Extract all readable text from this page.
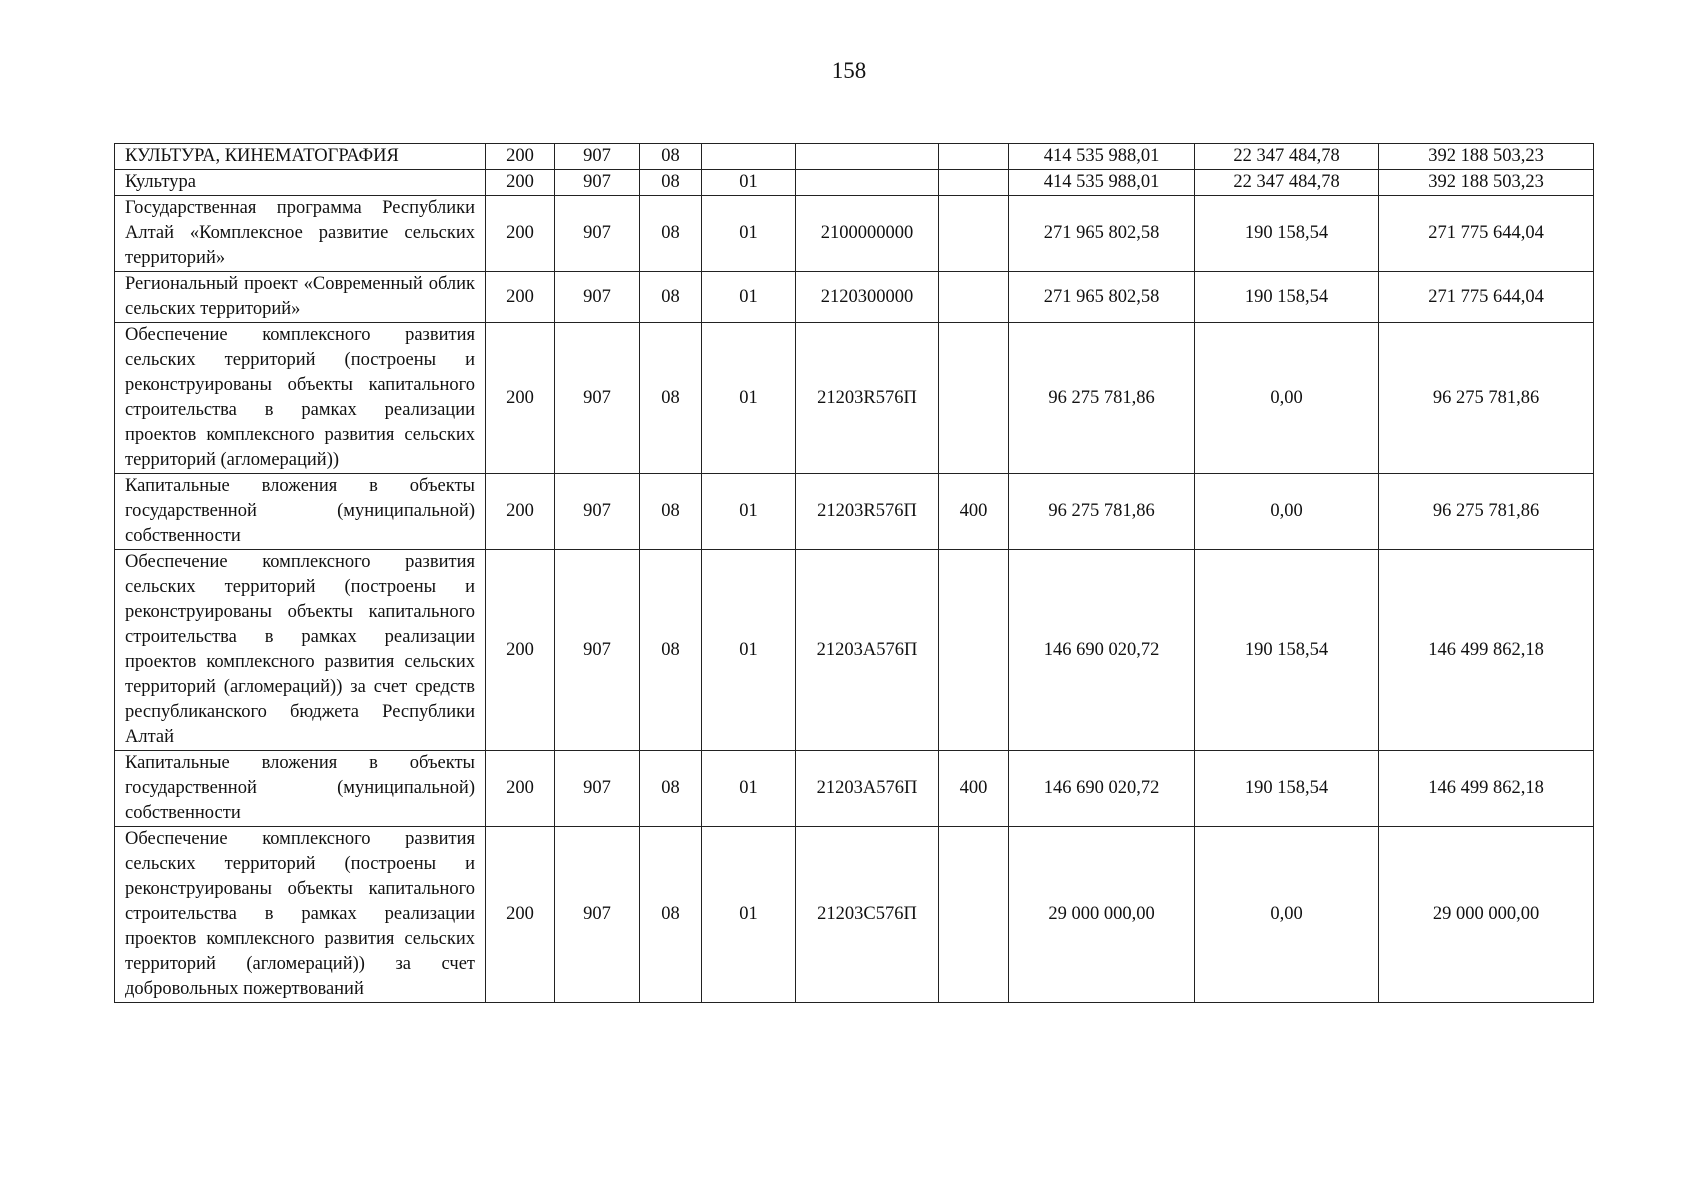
158
КУЛЬТУРА, КИНЕМАТОГРАФИЯ	200	907	08				414 535 988,01	22 347 484,78	392 188 503,23
Культура	200	907	08	01			414 535 988,01	22 347 484,78	392 188 503,23
Государственная программа Республики Алтай «Комплексное развитие сельских территорий»	200	907	08	01	2100000000		271 965 802,58	190 158,54	271 775 644,04
Региональный проект «Современный облик сельских территорий»	200	907	08	01	2120300000		271 965 802,58	190 158,54	271 775 644,04
Обеспечение комплексного развития сельских территорий (построены и реконструированы объекты капитального строительства в рамках реализации проектов комплексного развития сельских территорий (агломераций))	200	907	08	01	21203R576П		96 275 781,86	0,00	96 275 781,86
Капитальные вложения в объекты государственной (муниципальной) собственности	200	907	08	01	21203R576П	400	96 275 781,86	0,00	96 275 781,86
Обеспечение комплексного развития сельских территорий (построены и реконструированы объекты капитального строительства в рамках реализации проектов комплексного развития сельских территорий (агломераций)) за счет средств республиканского бюджета Республики Алтай	200	907	08	01	21203А576П		146 690 020,72	190 158,54	146 499 862,18
Капитальные вложения в объекты государственной (муниципальной) собственности	200	907	08	01	21203А576П	400	146 690 020,72	190 158,54	146 499 862,18
Обеспечение комплексного развития сельских территорий (построены и реконструированы объекты капитального строительства в рамках реализации проектов комплексного развития сельских территорий (агломераций)) за счет добровольных пожертвований	200	907	08	01	21203С576П		29 000 000,00	0,00	29 000 000,00
